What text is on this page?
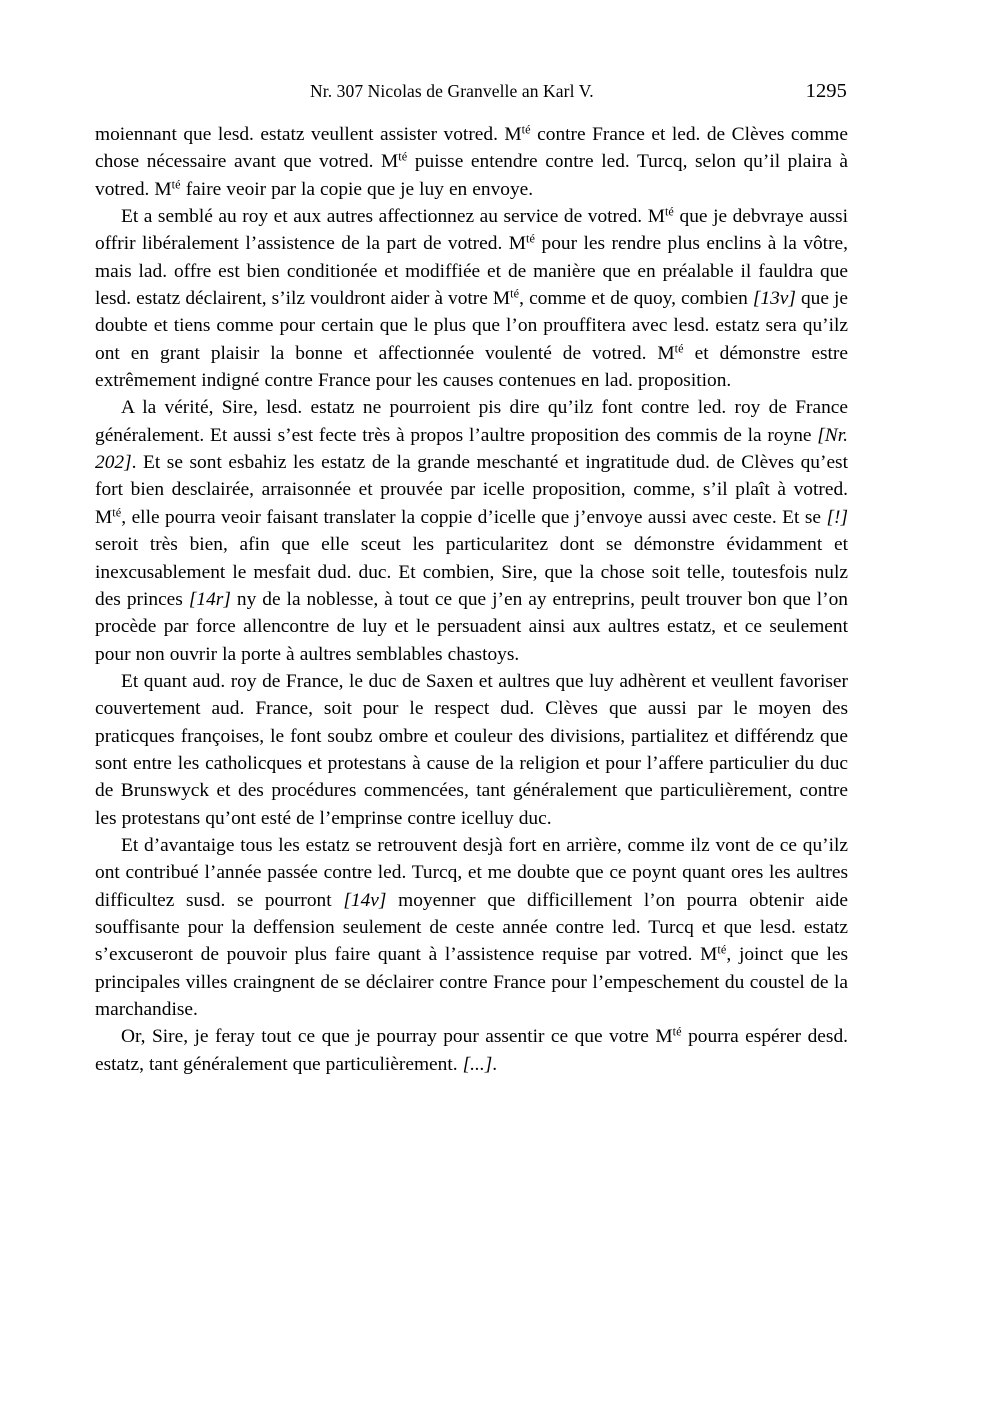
Nr. 307 Nicolas de Granvelle an Karl V.	1295

moiennant que lesd. estatz veullent assister votred. $M^{té}$ contre France et led. de Clèves comme chose nécessaire avant que votred. $M^{té}$ puisse entendre contre led. Turcq, selon qu’il plaira à votred. $M^{té}$ faire veoir par la copie que je luy en envoye.

Et a semblé au roy et aux autres affectionnez au service de votred. $M^{té}$ que je debvraye aussi offrir libéralement l’assistence de la part de votred. $M^{té}$ pour les rendre plus enclins à la vôtre, mais lad. offre est bien conditionée et modiffiée et de manière que en préalable il fauldra que lesd. estatz déclairent, s’ilz vouldront aider à votre $M^{té}$, comme et de quoy, combien [13v] que je doubte et tiens comme pour certain que le plus que l’on prouffitera avec lesd. estatz sera qu’ilz ont en grant plaisir la bonne et affectionnée voulenté de votred. $M^{té}$ et démonstre estre extrêmement indigné contre France pour les causes contenues en lad. proposition.

A la vérité, Sire, lesd. estatz ne pourroient pis dire qu’ilz font contre led. roy de France généralement. Et aussi s’est fecte très à propos l’aultre proposition des commis de la royne [Nr. 202]. Et se sont esbahiz les estatz de la grande meschanté et ingratitude dud. de Clèves qu’est fort bien desclairée, arraisonnée et prouvée par icelle proposition, comme, s’il plaît à votred. $M^{té}$, elle pourra veoir faisant translater la coppie d’icelle que j’envoye aussi avec ceste. Et se [!] seroit très bien, afin que elle sceut les particularitez dont se démonstre évidamment et inexcusablement le mesfait dud. duc. Et combien, Sire, que la chose soit telle, toutesfois nulz des princes [14r] ny de la noblesse, à tout ce que j’en ay entreprins, peult trouver bon que l’on procède par force allencontre de luy et le persuadent ainsi aux aultres estatz, et ce seulement pour non ouvrir la porte à aultres semblables chastoys.

Et quant aud. roy de France, le duc de Saxen et aultres que luy adhèrent et veullent favoriser couvertement aud. France, soit pour le respect dud. Clèves que aussi par le moyen des praticques françoises, le font soubz ombre et couleur des divisions, partialitez et différendz que sont entre les catholicques et protestans à cause de la religion et pour l’affere particulier du duc de Brunswyck et des procédures commencées, tant généralement que particulièrement, contre les protestans qu’ont esté de l’emprinse contre icelluy duc.

Et d’avantaige tous les estatz se retrouvent desjà fort en arrière, comme ilz vont de ce qu’ilz ont contribué l’année passée contre led. Turcq, et me doubte que ce poynt quant ores les aultres difficultez susd. se pourront [14v] moyenner que difficillement l’on pourra obtenir aide souffisante pour la deffension seulement de ceste année contre led. Turcq et que lesd. estatz s’excuseront de pouvoir plus faire quant à l’assistence requise par votred. $M^{té}$, joinct que les principales villes craingnent de se déclairer contre France pour l’empeschement du coustel de la marchandise.

Or, Sire, je feray tout ce que je pourray pour assentir ce que votre $M^{té}$ pourra espérer desd. estatz, tant généralement que particulièrement. [...].
